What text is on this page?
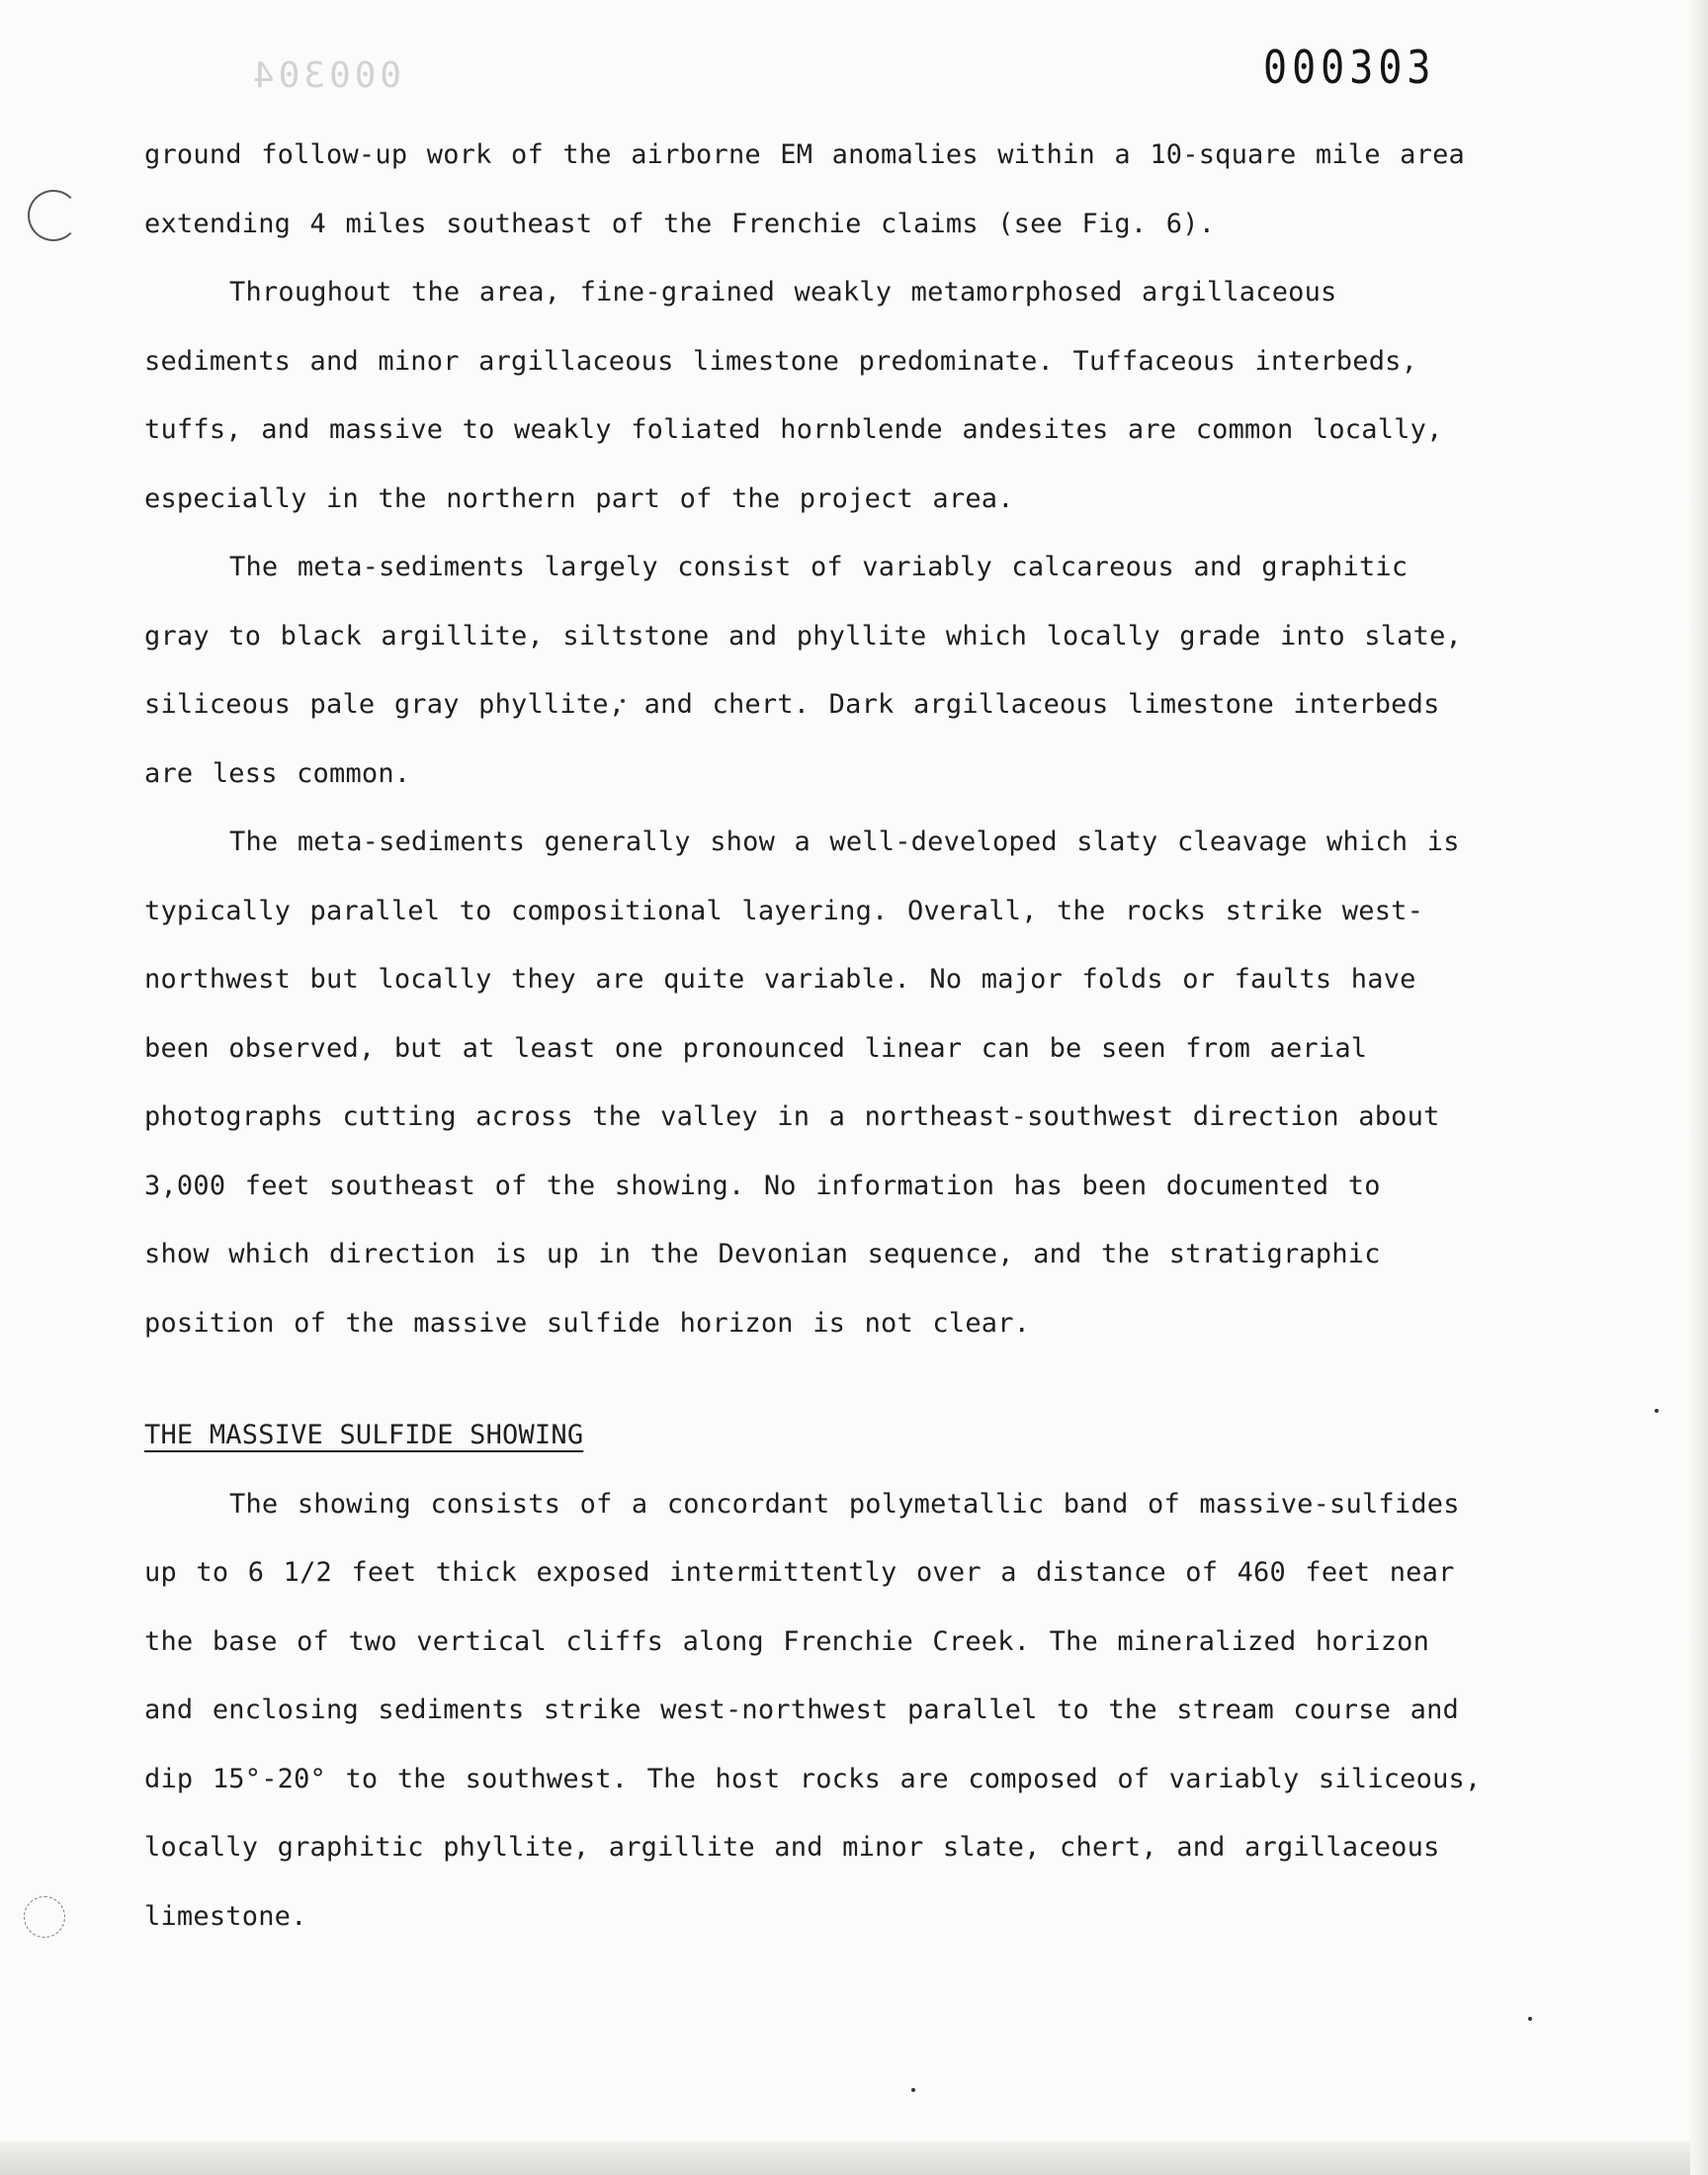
000304	000303

ground follow-up work of the airborne EM anomalies within a 10-square mile area
extending 4 miles southeast of the Frenchie claims (see Fig. 6).

Throughout the area, fine-grained weakly metamorphosed argillaceous
sediments and minor argillaceous limestone predominate. Tuffaceous interbeds,
tuffs, and massive to weakly foliated hornblende andesites are common locally,
especially in the northern part of the project area.

The meta-sediments largely consist of variably calcareous and graphitic
gray to black argillite, siltstone and phyllite which locally grade into slate,
siliceous pale gray phyllite, and chert. Dark argillaceous limestone interbeds
are less common.

The meta-sediments generally show a well-developed slaty cleavage which is
typically parallel to compositional layering. Overall, the rocks strike west-
northwest but locally they are quite variable. No major folds or faults have
been observed, but at least one pronounced linear can be seen from aerial
photographs cutting across the valley in a northeast-southwest direction about
3,000 feet southeast of the showing. No information has been documented to
show which direction is up in the Devonian sequence, and the stratigraphic
position of the massive sulfide horizon is not clear.

THE MASSIVE SULFIDE SHOWING

The showing consists of a concordant polymetallic band of massive-sulfides
up to 6 1/2 feet thick exposed intermittently over a distance of 460 feet near
the base of two vertical cliffs along Frenchie Creek. The mineralized horizon
and enclosing sediments strike west-northwest parallel to the stream course and
dip 15°-20° to the southwest. The host rocks are composed of variably siliceous,
locally graphitic phyllite, argillite and minor slate, chert, and argillaceous
limestone.
